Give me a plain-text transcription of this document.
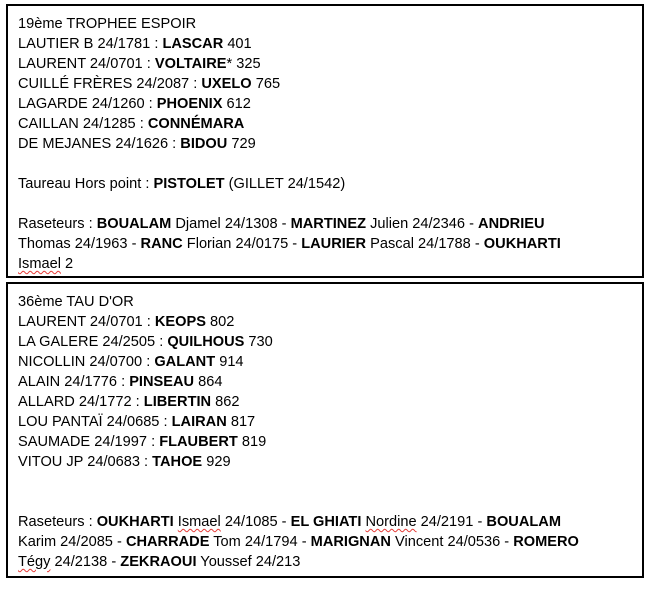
19ème TROPHEE ESPOIR
LAUTIER B 24/1781 : LASCAR 401
LAURENT 24/0701 : VOLTAIRE* 325
CUILLÉ FRÈRES 24/2087 : UXELO 765
LAGARDE 24/1260 : PHOENIX 612
CAILLAN 24/1285 : CONNÉMARA
DE MEJANES 24/1626 : BIDOU 729
Taureau Hors point : PISTOLET (GILLET 24/1542)
Raseteurs : BOUALAM Djamel 24/1308 - MARTINEZ Julien 24/2346 - ANDRIEU
Thomas 24/1963 - RANC Florian 24/0175 - LAURIER Pascal 24/1788 - OUKHARTI
Ismael 2
36ème TAU D'OR
LAURENT 24/0701 : KEOPS 802
LA GALERE 24/2505 : QUILHOUS 730
NICOLLIN 24/0700 : GALANT 914
ALAIN 24/1776 : PINSEAU 864
ALLARD 24/1772 : LIBERTIN 862
LOU PANTAÏ 24/0685 : LAIRAN 817
SAUMADE 24/1997 : FLAUBERT 819
VITOU JP 24/0683 : TAHOE 929
Raseteurs : OUKHARTI Ismael 24/1085 - EL GHIATI Nordine 24/2191 - BOUALAM
Karim 24/2085 - CHARRADE Tom 24/1794 - MARIGNAN Vincent 24/0536 - ROMERO
Tégy 24/2138 - ZEKRAOUI Youssef 24/213
